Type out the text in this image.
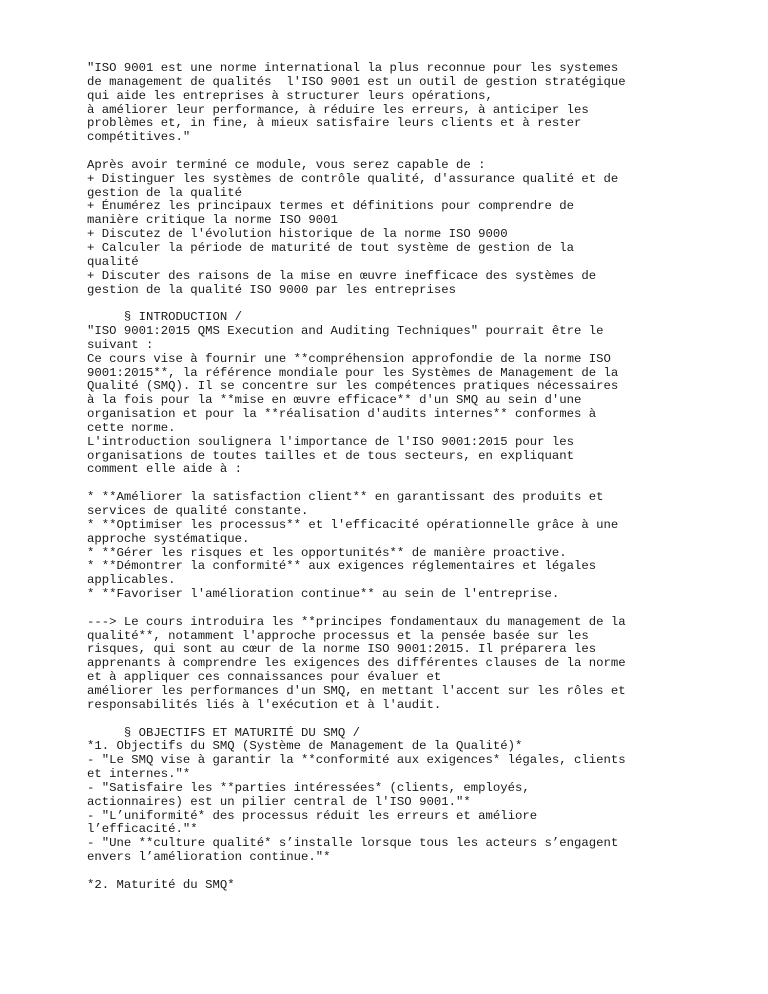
"ISO 9001 est une norme international la plus reconnue pour les systemes
de management de qualités  l'ISO 9001 est un outil de gestion stratégique
qui aide les entreprises à structurer leurs opérations,
à améliorer leur performance, à réduire les erreurs, à anticiper les
problèmes et, in fine, à mieux satisfaire leurs clients et à rester
compétitives."
Après avoir terminé ce module, vous serez capable de :
+ Distinguer les systèmes de contrôle qualité, d'assurance qualité et de
gestion de la qualité
+ Énumérez les principaux termes et définitions pour comprendre de
manière critique la norme ISO 9001
+ Discutez de l'évolution historique de la norme ISO 9000
+ Calculer la période de maturité de tout système de gestion de la
qualité
+ Discuter des raisons de la mise en œuvre inefficace des systèmes de
gestion de la qualité ISO 9000 par les entreprises
§ INTRODUCTION /
"ISO 9001:2015 QMS Execution and Auditing Techniques" pourrait être le
suivant :
Ce cours vise à fournir une **compréhension approfondie de la norme ISO
9001:2015**, la référence mondiale pour les Systèmes de Management de la
Qualité (SMQ). Il se concentre sur les compétences pratiques nécessaires
à la fois pour la **mise en œuvre efficace** d'un SMQ au sein d'une
organisation et pour la **réalisation d'audits internes** conformes à
cette norme.
L'introduction soulignera l'importance de l'ISO 9001:2015 pour les
organisations de toutes tailles et de tous secteurs, en expliquant
comment elle aide à :
* **Améliorer la satisfaction client** en garantissant des produits et
services de qualité constante.
* **Optimiser les processus** et l'efficacité opérationnelle grâce à une
approche systématique.
* **Gérer les risques et les opportunités** de manière proactive.
* **Démontrer la conformité** aux exigences réglementaires et légales
applicables.
* **Favoriser l'amélioration continue** au sein de l'entreprise.
---> Le cours introduira les **principes fondamentaux du management de la
qualité**, notamment l'approche processus et la pensée basée sur les
risques, qui sont au cœur de la norme ISO 9001:2015. Il préparera les
apprenants à comprendre les exigences des différentes clauses de la norme
et à appliquer ces connaissances pour évaluer et
améliorer les performances d'un SMQ, en mettant l'accent sur les rôles et
responsabilités liés à l'exécution et à l'audit.
§ OBJECTIFS ET MATURITÉ DU SMQ /
*1. Objectifs du SMQ (Système de Management de la Qualité)*
- "Le SMQ vise à garantir la **conformité aux exigences* légales, clients
et internes."*
- "Satisfaire les **parties intéressées* (clients, employés,
actionnaires) est un pilier central de l'ISO 9001."*
- "L’uniformité* des processus réduit les erreurs et améliore
l’efficacité."*
- "Une **culture qualité* s’installe lorsque tous les acteurs s’engagent
envers l’amélioration continue."*
*2. Maturité du SMQ*
